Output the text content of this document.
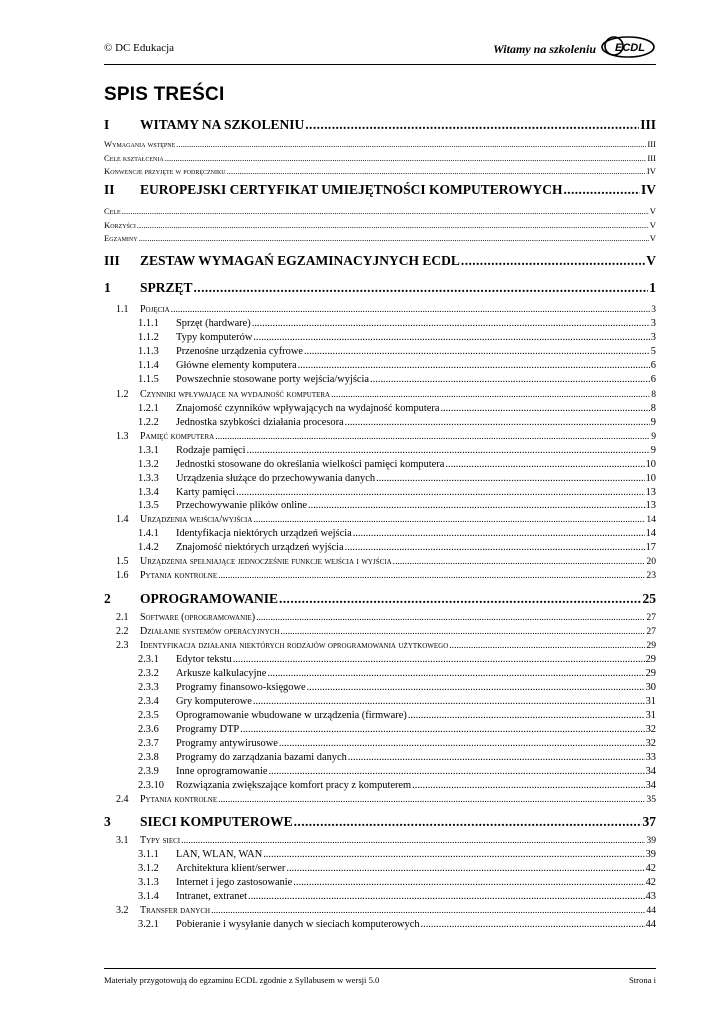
© DC Edukacja	Witamy na szkoleniu ECDL
SPIS TREŚCI
I	WITAMY NA SZKOLENIU .....	III
Wymagania wstępne .....	III
Cele kształcenia .....	III
Konwencje przyjęte w podręczniku .....	IV
II	EUROPEJSKI CERTYFIKAT UMIEJĘTNOŚCI KOMPUTEROWYCH .....	IV
Cele .....	V
Korzyści .....	V
Egzaminy .....	V
III	ZESTAW WYMAGAŃ EGZAMINACYJNYCH ECDL .....	V
1	SPRZĘT .....	1
1.1	Pojęcia .....	3
1.1.1	Sprzęt (hardware) .....	3
1.1.2	Typy komputerów .....	3
1.1.3	Przenośne urządzenia cyfrowe .....	5
1.1.4	Główne elementy komputera .....	6
1.1.5	Powszechnie stosowane porty wejścia/wyjścia .....	6
1.2	Czynniki wpływające na wydajność komputera .....	8
1.2.1	Znajomość czynników wpływających na wydajność komputera .....	8
1.2.2	Jednostka szybkości działania procesora .....	9
1.3	Pamięć komputera .....	9
1.3.1	Rodzaje pamięci .....	9
1.3.2	Jednostki stosowane do określania wielkości pamięci komputera .....	10
1.3.3	Urządzenia służące do przechowywania danych .....	10
1.3.4	Karty pamięci .....	13
1.3.5	Przechowywanie plików online .....	13
1.4	Urządzenia wejścia/wyjścia .....	14
1.4.1	Identyfikacja niektórych urządzeń wejścia .....	14
1.4.2	Znajomość niektórych urządzeń wyjścia .....	17
1.5	Urządzenia spełniające jednocześnie funkcje wejścia i wyjścia .....	20
1.6	Pytania kontrolne .....	23
2	OPROGRAMOWANIE .....	25
2.1	Software (oprogramowanie) .....	27
2.2	Działanie systemów operacyjnych .....	27
2.3	Identyfikacja działania niektórych rodzajów oprogramowania użytkowego .....	29
2.3.1	Edytor tekstu .....	29
2.3.2	Arkusze kalkulacyjne .....	29
2.3.3	Programy finansowo-księgowe .....	30
2.3.4	Gry komputerowe .....	31
2.3.5	Oprogramowanie wbudowane w urządzenia (firmware) .....	31
2.3.6	Programy DTP .....	32
2.3.7	Programy antywirusowe .....	32
2.3.8	Programy do zarządzania bazami danych .....	33
2.3.9	Inne oprogramowanie .....	34
2.3.10	Rozwiązania zwiększające komfort pracy z komputerem .....	34
2.4	Pytania kontrolne .....	35
3	SIECI KOMPUTEROWE .....	37
3.1	Typy sieci .....	39
3.1.1	LAN, WLAN, WAN .....	39
3.1.2	Architektura klient/serwer .....	42
3.1.3	Internet i jego zastosowanie .....	42
3.1.4	Intranet, extranet .....	43
3.2	Transfer danych .....	44
3.2.1	Pobieranie i wysyłanie danych w sieciach komputerowych .....	44
Materiały przygotowują do egzaminu ECDL zgodnie z Syllabusem w wersji 5.0	Strona i
